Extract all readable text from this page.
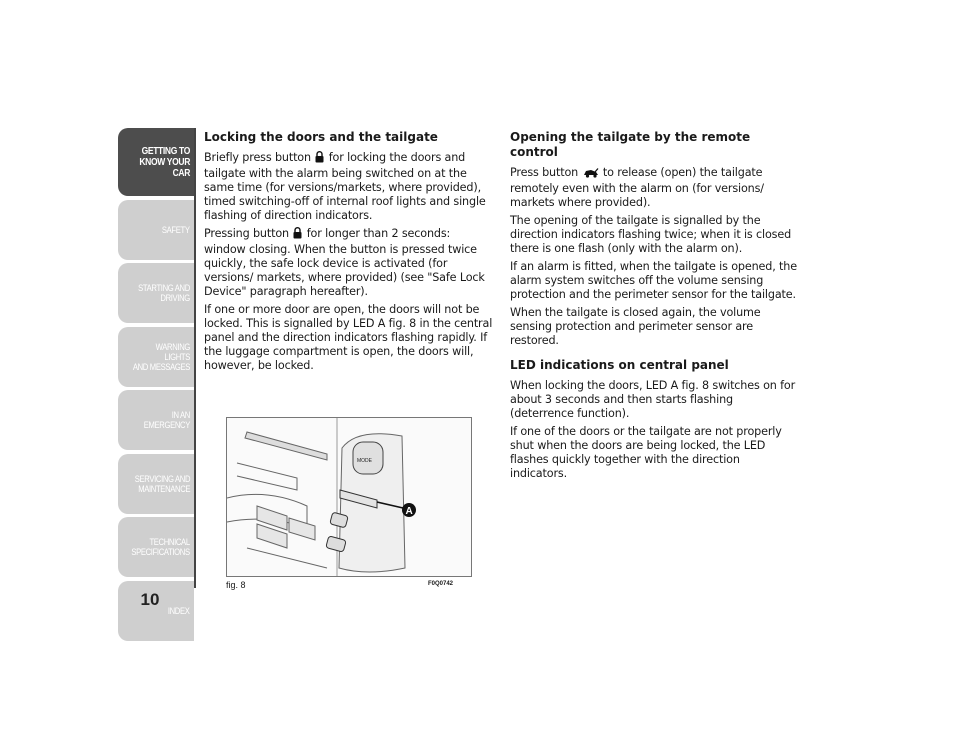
GETTING TO
KNOW YOUR CAR
SAFETY
STARTING AND
DRIVING
WARNING LIGHTS
AND MESSAGES
IN AN EMERGENCY
SERVICING AND
MAINTENANCE
TECHNICAL
SPECIFICATIONS
INDEX
10
Locking the doors and the tailgate

Briefly press button for locking the doors and tailgate with the alarm being switched on at the same time (for versions/markets, where provided), timed switching-off of internal roof lights and single flashing of direction indicators.

Pressing button for longer than 2 seconds: window closing. When the button is pressed twice quickly, the safe lock device is activated (for versions/ markets, where provided) (see "Safe Lock Device" paragraph hereafter).

If one or more door are open, the doors will not be locked. This is signalled by LED A fig. 8 in the central panel and the direction indicators flashing rapidly. If the luggage compartment is open, the doors will, however, be locked.

Opening the tailgate by the remote control

Press button to release (open) the tailgate remotely even with the alarm on (for versions/ markets where provided).

The opening of the tailgate is signalled by the direction indicators flashing twice; when it is closed there is one flash (only with the alarm on).

If an alarm is fitted, when the tailgate is opened, the alarm system switches off the volume sensing protection and the perimeter sensor for the tailgate.

When the tailgate is closed again, the volume sensing protection and perimeter sensor are restored.

LED indications on central panel

When locking the doors, LED A fig. 8 switches on for about 3 seconds and then starts flashing (deterrence function).

If one of the doors or the tailgate are not properly shut when the doors are being locked, the LED flashes quickly together with the direction indicators.

MODE
A
fig. 8	F0Q0742
